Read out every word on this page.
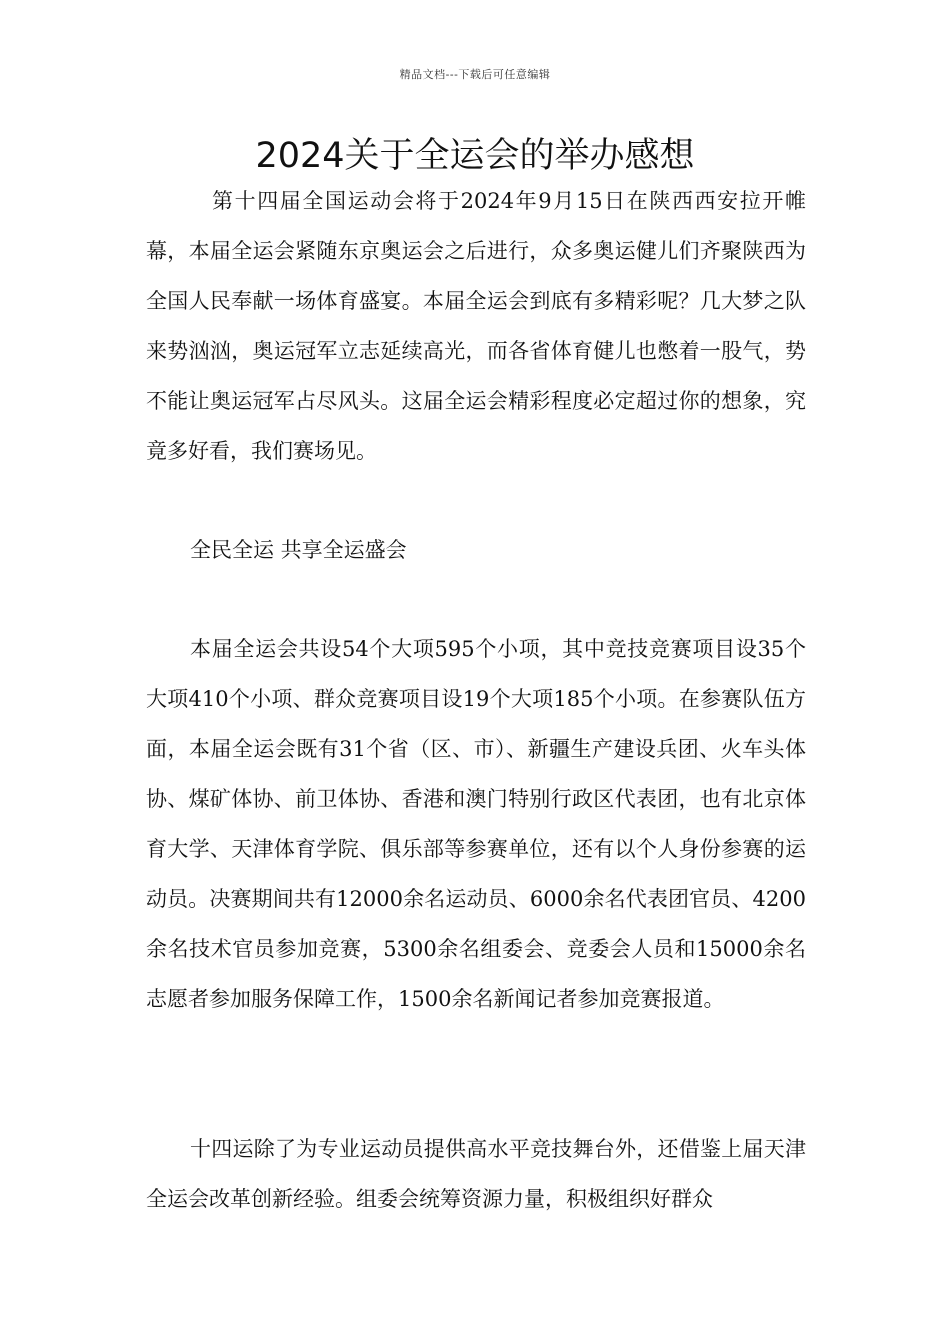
精品文档---下载后可任意编辑
2024关于全运会的举办感想

第十四届全国运动会将于2024年9月15日在陕西西安拉开帷幕，本届全运会紧随东京奥运会之后进行，众多奥运健儿们齐聚陕西为全国人民奉献一场体育盛宴。本届全运会到底有多精彩呢？几大梦之队来势汹汹，奥运冠军立志延续高光，而各省体育健儿也憋着一股气，势不能让奥运冠军占尽风头。这届全运会精彩程度必定超过你的想象，究竟多好看，我们赛场见。

全民全运 共享全运盛会

本届全运会共设54个大项595个小项，其中竞技竞赛项目设35个大项410个小项、群众竞赛项目设19个大项185个小项。在参赛队伍方面，本届全运会既有31个省（区、市）、新疆生产建设兵团、火车头体协、煤矿体协、前卫体协、香港和澳门特别行政区代表团，也有北京体育大学、天津体育学院、俱乐部等参赛单位，还有以个人身份参赛的运动员。决赛期间共有12000余名运动员、6000余名代表团官员、4200余名技术官员参加竞赛，5300余名组委会、竞委会人员和15000余名志愿者参加服务保障工作，1500余名新闻记者参加竞赛报道。

十四运除了为专业运动员提供高水平竞技舞台外，还借鉴上届天津全运会改革创新经验。组委会统筹资源力量，积极组织好群众
